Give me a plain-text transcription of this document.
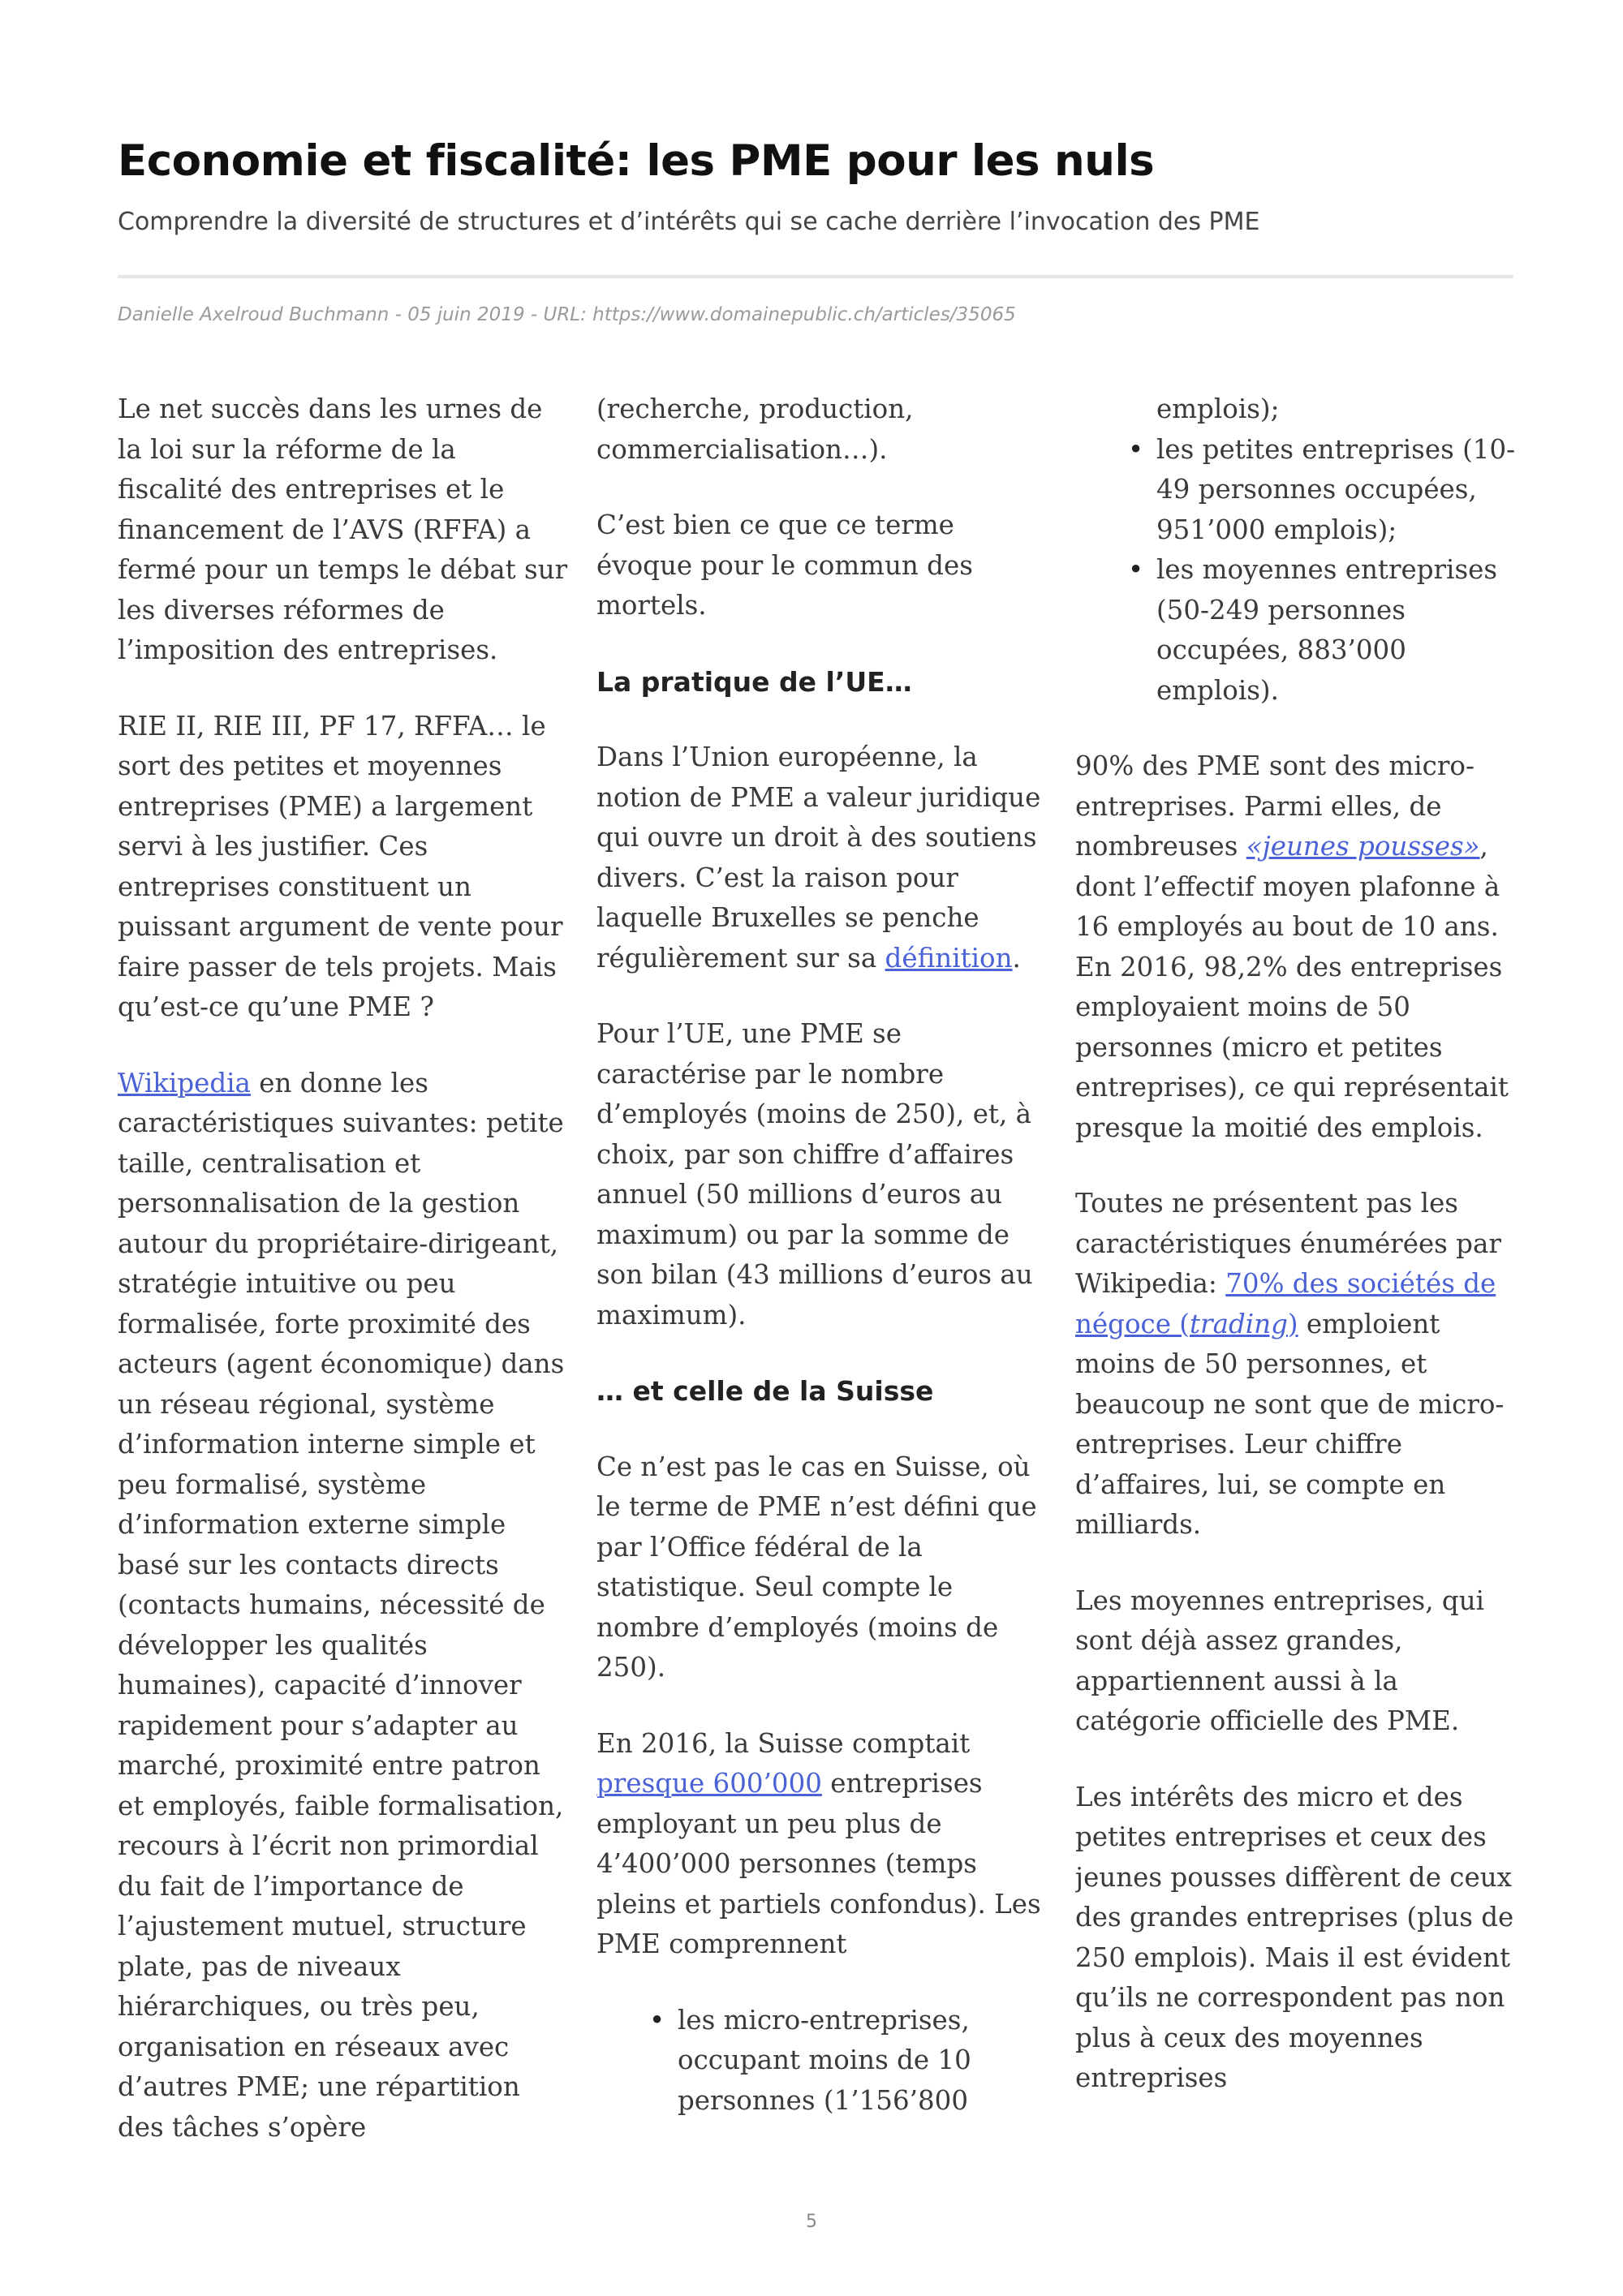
Economie et fiscalité: les PME pour les nuls
Comprendre la diversité de structures et d’intérêts qui se cache derrière l’invocation des PME
Danielle Axelroud Buchmann - 05 juin 2019 - URL: https://www.domainepublic.ch/articles/35065

Le net succès dans les urnes de la loi sur la réforme de la fiscalité des entreprises et le financement de l’AVS (RFFA) a fermé pour un temps le débat sur les diverses réformes de l’imposition des entreprises.

RIE II, RIE III, PF 17, RFFA… le sort des petites et moyennes entreprises (PME) a largement servi à les justifier. Ces entreprises constituent un puissant argument de vente pour faire passer de tels projets. Mais qu’est-ce qu’une PME ?

Wikipedia en donne les caractéristiques suivantes: petite taille, centralisation et personnalisation de la gestion autour du propriétaire-dirigeant, stratégie intuitive ou peu formalisée, forte proximité des acteurs (agent économique) dans un réseau régional, système d’information interne simple et peu formalisé, système d’information externe simple basé sur les contacts directs (contacts humains, nécessité de développer les qualités humaines), capacité d’innover rapidement pour s’adapter au marché, proximité entre patron et employés, faible formalisation, recours à l’écrit non primordial du fait de l’importance de l’ajustement mutuel, structure plate, pas de niveaux hiérarchiques, ou très peu, organisation en réseaux avec d’autres PME; une répartition des tâches s’opère

(recherche, production, commercialisation…).

C’est bien ce que ce terme évoque pour le commun des mortels.

La pratique de l’UE…

Dans l’Union européenne, la notion de PME a valeur juridique qui ouvre un droit à des soutiens divers. C’est la raison pour laquelle Bruxelles se penche régulièrement sur sa définition.

Pour l’UE, une PME se caractérise par le nombre d’employés (moins de 250), et, à choix, par son chiffre d’affaires annuel (50 millions d’euros au maximum) ou par la somme de son bilan (43 millions d’euros au maximum).

… et celle de la Suisse

Ce n’est pas le cas en Suisse, où le terme de PME n’est défini que par l’Office fédéral de la statistique. Seul compte le nombre d’employés (moins de 250).

En 2016, la Suisse comptait presque 600’000 entreprises employant un peu plus de 4’400’000 personnes (temps pleins et partiels confondus). Les PME comprennent

• les micro-entreprises, occupant moins de 10 personnes (1’156’800
emplois);
• les petites entreprises (10-49 personnes occupées, 951’000 emplois);
• les moyennes entreprises (50-249 personnes occupées, 883’000 emplois).

90% des PME sont des micro-entreprises. Parmi elles, de nombreuses «jeunes pousses», dont l’effectif moyen plafonne à 16 employés au bout de 10 ans. En 2016, 98,2% des entreprises employaient moins de 50 personnes (micro et petites entreprises), ce qui représentait presque la moitié des emplois.

Toutes ne présentent pas les caractéristiques énumérées par Wikipedia: 70% des sociétés de négoce (trading) emploient moins de 50 personnes, et beaucoup ne sont que de micro-entreprises. Leur chiffre d’affaires, lui, se compte en milliards.

Les moyennes entreprises, qui sont déjà assez grandes, appartiennent aussi à la catégorie officielle des PME.

Les intérêts des micro et des petites entreprises et ceux des jeunes pousses diffèrent de ceux des grandes entreprises (plus de 250 emplois). Mais il est évident qu’ils ne correspondent pas non plus à ceux des moyennes entreprises

5
